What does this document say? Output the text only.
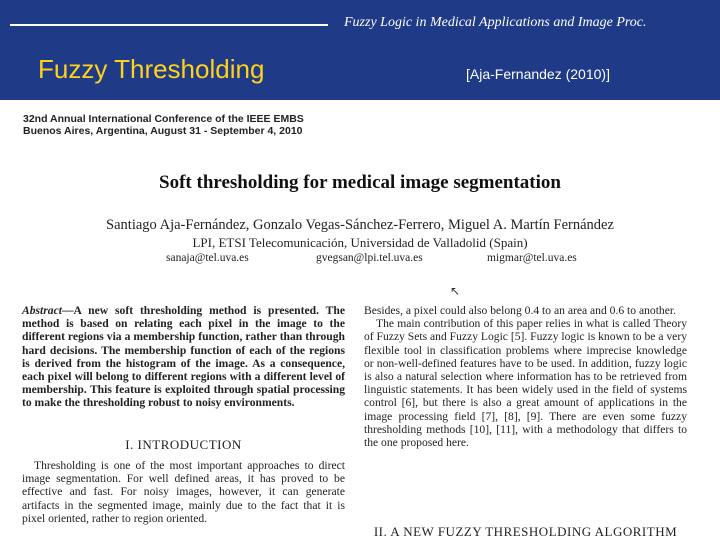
Fuzzy Logic in Medical Applications and Image Proc.
Fuzzy Thresholding	[Aja-Fernandez (2010)]
32nd Annual International Conference of the IEEE EMBS
Buenos Aires, Argentina, August 31 - September 4, 2010
Soft thresholding for medical image segmentation
Santiago Aja-Fernández, Gonzalo Vegas-Sánchez-Ferrero, Miguel A. Martín Fernández
LPI, ETSI Telecomunicación, Universidad de Valladolid (Spain)
sanaja@tel.uva.es	gvegsan@lpi.tel.uva.es	migmar@tel.uva.es
↖
Abstract—A new soft thresholding method is presented. The method is based on relating each pixel in the image to the different regions via a membership function, rather than through hard decisions. The membership function of each of the regions is derived from the histogram of the image. As a consequence, each pixel will belong to different regions with a different level of membership. This feature is exploited through spatial processing to make the thresholding robust to noisy environments.
I. INTRODUCTION
Thresholding is one of the most important approaches to direct image segmentation. For well defined areas, it has proved to be effective and fast. For noisy images, however, it can generate artifacts in the segmented image, mainly due to the fact that it is pixel oriented, rather to region oriented.

Besides, a pixel could also belong 0.4 to an area and 0.6 to another.

The main contribution of this paper relies in what is called Theory of Fuzzy Sets and Fuzzy Logic [5]. Fuzzy logic is known to be a very flexible tool in classification problems where imprecise knowledge or non-well-defined features have to be used. In addition, fuzzy logic is also a natural selection where information has to be retrieved from linguistic statements. It has been widely used in the field of systems control [6], but there is also a great amount of applications in the image processing field [7], [8], [9]. There are even some fuzzy thresholding methods [10], [11], with a methodology that differs to the one proposed here.

II. A NEW FUZZY THRESHOLDING ALGORITHM
